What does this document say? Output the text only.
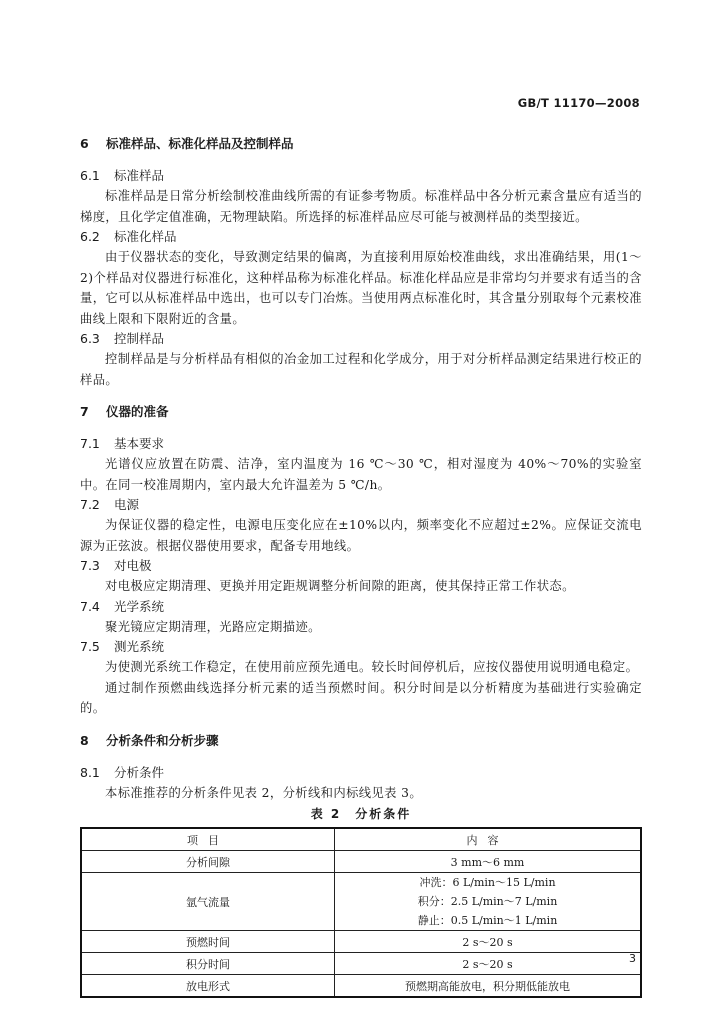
GB/T 11170—2008

6 标准样品、标准化样品及控制样品

6.1 标准样品

标准样品是日常分析绘制校准曲线所需的有证参考物质。标准样品中各分析元素含量应有适当的梯度，且化学定值准确，无物理缺陷。所选择的标准样品应尽可能与被测样品的类型接近。

6.2 标准化样品

由于仪器状态的变化，导致测定结果的偏离，为直接利用原始校准曲线，求出准确结果，用(1～2)个样品对仪器进行标准化，这种样品称为标准化样品。标准化样品应是非常均匀并要求有适当的含量，它可以从标准样品中选出，也可以专门冶炼。当使用两点标准化时，其含量分别取每个元素校准曲线上限和下限附近的含量。

6.3 控制样品

控制样品是与分析样品有相似的冶金加工过程和化学成分，用于对分析样品测定结果进行校正的样品。

7 仪器的准备

7.1 基本要求

光谱仪应放置在防震、洁净，室内温度为 16 ℃～30 ℃，相对湿度为 40%～70%的实验室中。在同一校准周期内，室内最大允许温差为 5 ℃/h。

7.2 电源

为保证仪器的稳定性，电源电压变化应在±10%以内，频率变化不应超过±2%。应保证交流电源为正弦波。根据仪器使用要求，配备专用地线。

7.3 对电极

对电极应定期清理、更换并用定距规调整分析间隙的距离，使其保持正常工作状态。

7.4 光学系统

聚光镜应定期清理，光路应定期描迹。

7.5 测光系统

为使测光系统工作稳定，在使用前应预先通电。较长时间停机后，应按仪器使用说明通电稳定。

通过制作预燃曲线选择分析元素的适当预燃时间。积分时间是以分析精度为基础进行实验确定的。

8 分析条件和分析步骤

8.1 分析条件

本标准推荐的分析条件见表 2，分析线和内标线见表 3。

表 2　分析条件
项目	内容
分析间隙	3 mm～6 mm
氩气流量	冲洗：6 L/min～15 L/min
积分：2.5 L/min～7 L/min
静止：0.5 L/min～1 L/min

预燃时间	2 s～20 s
积分时间	2 s～20 s
放电形式	预燃期高能放电，积分期低能放电
3
